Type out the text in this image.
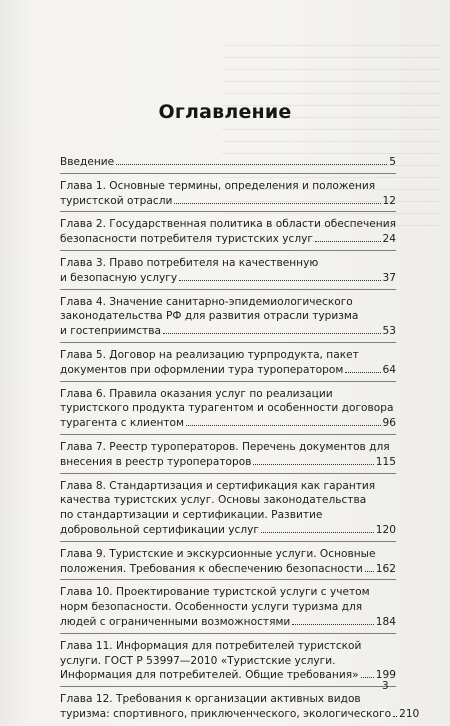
Оглавление
Введение	5
Глава 1. Основные термины, определения и положения
туристской отрасли	12
Глава 2. Государственная политика в области обеспечения
безопасности потребителя туристских услуг	24
Глава 3. Право потребителя на качественную
и безопасную услугу	37
Глава 4. Значение санитарно-эпидемиологического
законодательства РФ для развития отрасли туризма
и гостеприимства	53
Глава 5. Договор на реализацию турпродукта, пакет
документов при оформлении тура туроператором	64
Глава 6. Правила оказания услуг по реализации
туристского продукта турагентом и особенности договора
турагента с клиентом	96
Глава 7. Реестр туроператоров. Перечень документов для
внесения в реестр туроператоров	115
Глава 8. Стандартизация и сертификация как гарантия
качества туристских услуг. Основы законодательства
по стандартизации и сертификации. Развитие
добровольной сертификации услуг	120
Глава 9. Туристские и экскурсионные услуги. Основные
положения. Требования к обеспечению безопасности 162
Глава 10. Проектирование туристской услуги с учетом
норм безопасности. Особенности услуги туризма для
людей с ограниченными возможностями	184
Глава 11. Информация для потребителей туристской
услуги. ГОСТ Р 53997—2010 «Туристские услуги.
Информация для потребителей. Общие требования» 199
Глава 12. Требования к организации активных видов
туризма: спортивного, приключенческого, экологического 210
3
